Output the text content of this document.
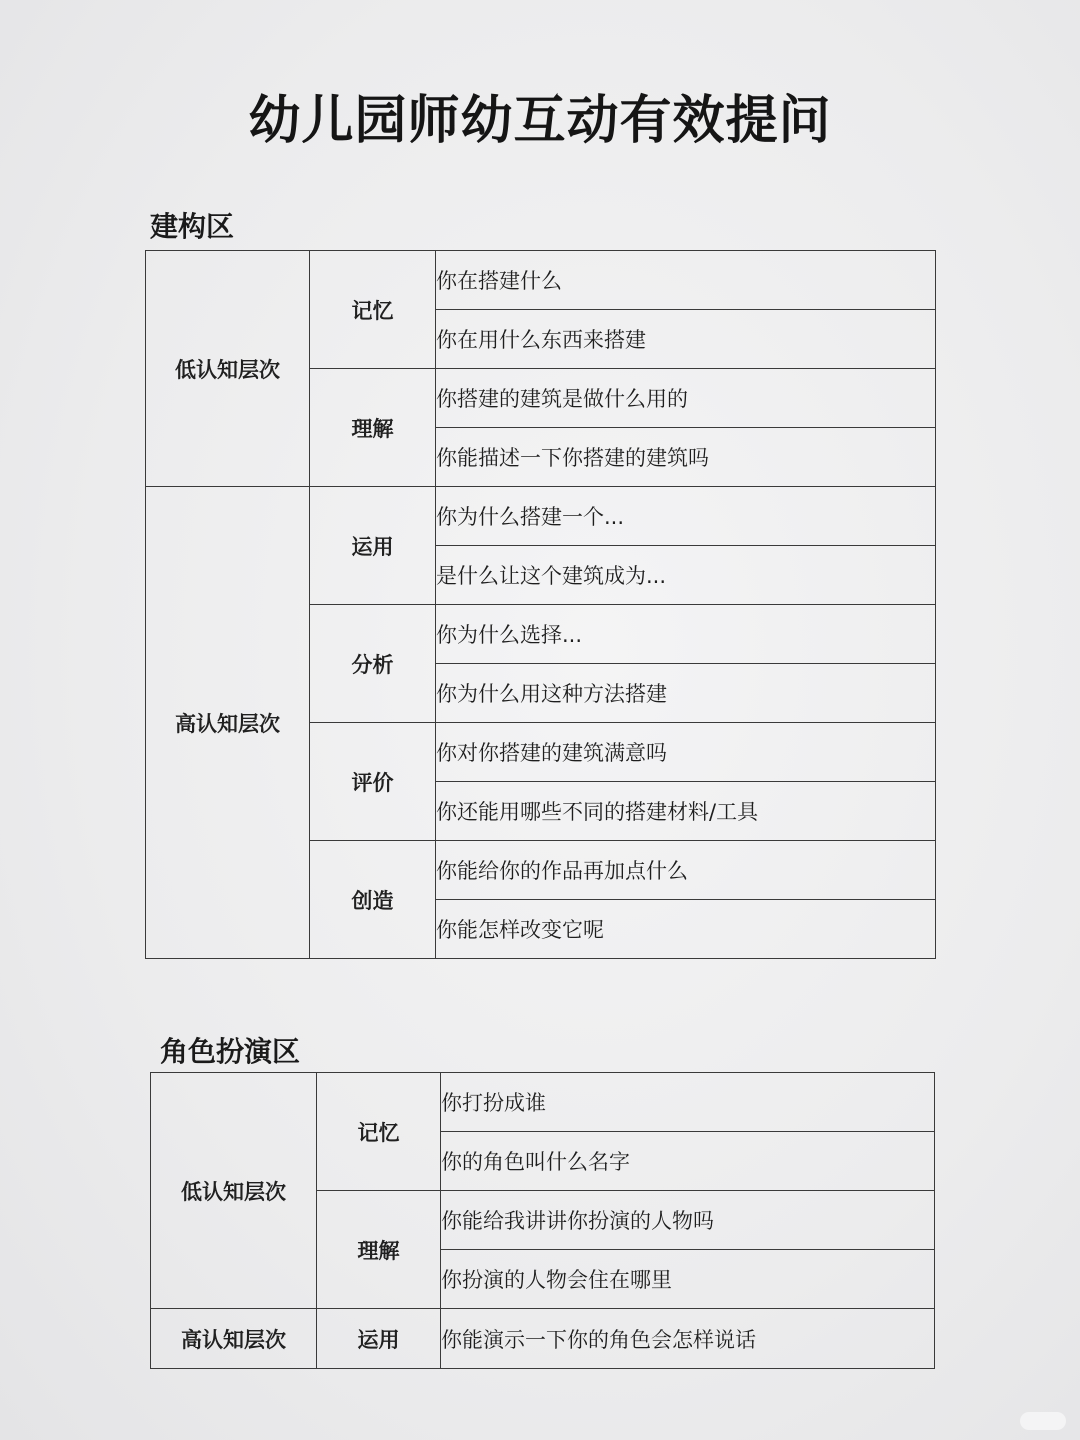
幼儿园师幼互动有效提问
建构区
低认知层次	记忆	你在搭建什么
		你在用什么东西来搭建
	理解	你搭建的建筑是做什么用的
		你能描述一下你搭建的建筑吗
高认知层次	运用	你为什么搭建一个...
		是什么让这个建筑成为...
	分析	你为什么选择...
		你为什么用这种方法搭建
	评价	你对你搭建的建筑满意吗
		你还能用哪些不同的搭建材料/工具
	创造	你能给你的作品再加点什么
		你能怎样改变它呢
角色扮演区
低认知层次	记忆	你打扮成谁
		你的角色叫什么名字
	理解	你能给我讲讲你扮演的人物吗
		你扮演的人物会住在哪里
高认知层次	运用	你能演示一下你的角色会怎样说话
